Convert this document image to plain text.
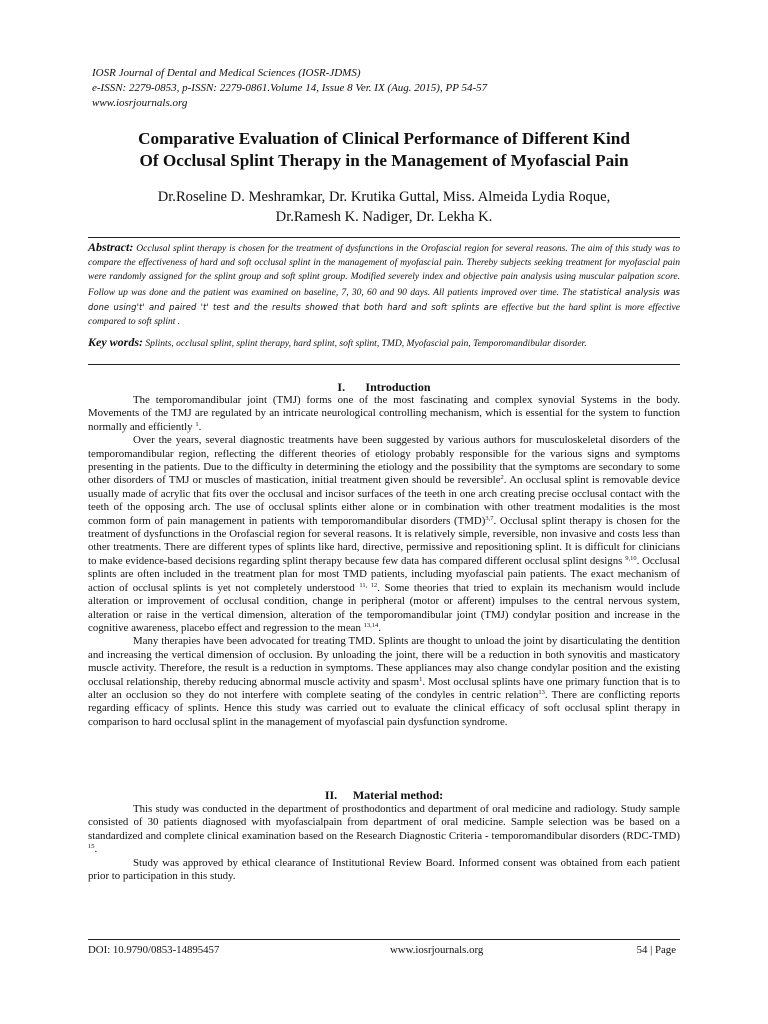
IOSR Journal of Dental and Medical Sciences (IOSR-JDMS)
e-ISSN: 2279-0853, p-ISSN: 2279-0861.Volume 14, Issue 8 Ver. IX (Aug. 2015), PP 54-57
www.iosrjournals.org
Comparative Evaluation of Clinical Performance of Different Kind
Of Occlusal Splint Therapy in the Management of Myofascial Pain
Dr.Roseline D. Meshramkar, Dr. Krutika Guttal, Miss. Almeida Lydia Roque,
Dr.Ramesh K. Nadiger, Dr. Lekha K.
Abstract: Occlusal splint therapy is chosen for the treatment of dysfunctions in the Orofascial region for several reasons. The aim of this study was to compare the effectiveness of hard and soft occlusal splint in the management of myofascial pain. Thereby subjects seeking treatment for myofascial pain were randomly assigned for the splint group and soft splint group. Modified severely index and objective pain analysis using muscular palpation score. Follow up was done and the patient was examined on baseline, 7, 30, 60 and 90 days. All patients improved over time. The statistical analysis was done using't' and paired 't' test and the results showed that both hard and soft splints are effective but the hard splint is more effective compared to soft splint .
Key words: Splints, occlusal splint, splint therapy, hard splint, soft splint, TMD, Myofascial pain, Temporomandibular disorder.
I. Introduction

The temporomandibular joint (TMJ) forms one of the most fascinating and complex synovial Systems in the body. Movements of the TMJ are regulated by an intricate neurological controlling mechanism, which is essential for the system to function normally and efficiently $^1$.

Over the years, several diagnostic treatments have been suggested by various authors for musculoskeletal disorders of the temporomandibular region, reflecting the different theories of etiology probably responsible for the various signs and symptoms presenting in the patients. Due to the difficulty in determining the etiology and the possibility that the symptoms are secondary to some other disorders of TMJ or muscles of mastication, initial treatment given should be reversible$^2$. An occlusal splint is removable device usually made of acrylic that fits over the occlusal and incisor surfaces of the teeth in one arch creating precise occlusal contact with the teeth of the opposing arch. The use of occlusal splints either alone or in combination with other treatment modalities is the most common form of pain management in patients with temporomandibular disorders (TMD)$^{3,7}$. Occlusal splint therapy is chosen for the treatment of dysfunctions in the Orofascial region for several reasons. It is relatively simple, reversible, non invasive and costs less than other treatments. There are different types of splints like hard, directive, permissive and repositioning splint. It is difficult for clinicians to make evidence-based decisions regarding splint therapy because few data has compared different occlusal splint designs $^{9,10}$. Occlusal splints are often included in the treatment plan for most TMD patients, including myofascial pain patients. The exact mechanism of action of occlusal splints is yet not completely understood $^{11, 12}$. Some theories that tried to explain its mechanism would include alteration or improvement of occlusal condition, change in peripheral (motor or afferent) impulses to the central nervous system, alteration or raise in the vertical dimension, alteration of the temporomandibular joint (TMJ) condylar position and increase in the cognitive awareness, placebo effect and regression to the mean $^{13,14}$.

Many therapies have been advocated for treating TMD. Splints are thought to unload the joint by disarticulating the dentition and increasing the vertical dimension of occlusion. By unloading the joint, there will be a reduction in both synovitis and masticatory muscle activity. Therefore, the result is a reduction in symptoms. These appliances may also change condylar position and the existing occlusal relationship, thereby reducing abnormal muscle activity and spasm$^1$. Most occlusal splints have one primary function that is to alter an occlusion so they do not interfere with complete seating of the condyles in centric relation$^{13}$. There are conflicting reports regarding efficacy of splints. Hence this study was carried out to evaluate the clinical efficacy of soft occlusal splint therapy in comparison to hard occlusal splint in the management of myofascial pain dysfunction syndrome.

II. Material method:

This study was conducted in the department of prosthodontics and department of oral medicine and radiology. Study sample consisted of 30 patients diagnosed with myofascialpain from department of oral medicine. Sample selection was be based on a standardized and complete clinical examination based on the Research Diagnostic Criteria - temporomandibular disorders (RDC-TMD) $^{15}$.

Study was approved by ethical clearance of Institutional Review Board. Informed consent was obtained from each patient prior to participation in this study.

DOI: 10.9790/0853-14895457	www.iosrjournals.org	54 | Page
